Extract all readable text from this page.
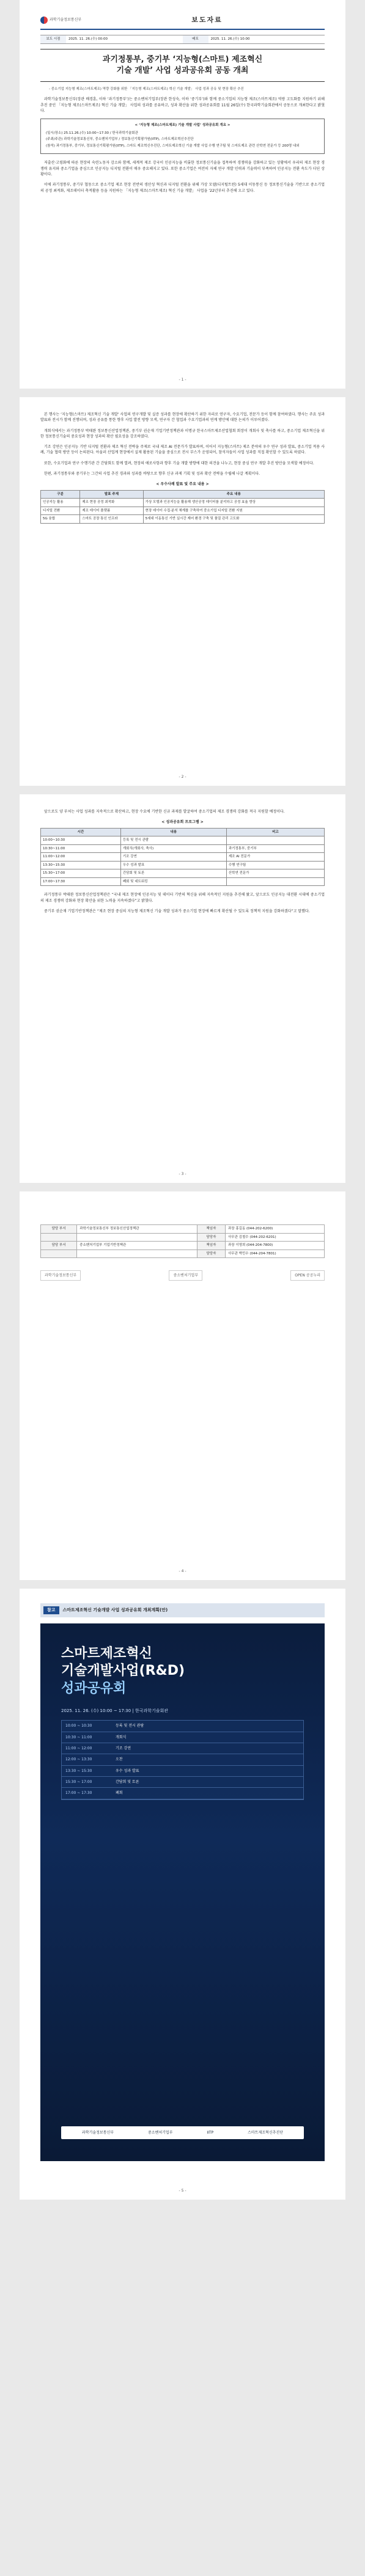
과학기술정보통신부	보도자료
보도 시점	2025. 11. 26.(수) 00:00	배포	2025. 11. 26.(수) 10:00
과기정통부, 중기부 ‘지능형(스마트) 제조혁신
기술 개발’ 사업 성과공유회 공동 개최
- 중소기업 지능형 제조(스마트제조) 역량 강화를 위한 「지능형 제조(스마트제조) 혁신 기술 개발」 사업 성과 공유 및 현장 확산 추진

과학기술정보통신부(장관 배경훈, 이하 ‘과기정통부’)는 중소벤처기업부(장관 한성숙, 이하 ‘중기부’)와 함께 중소기업의 지능형 제조(스마트제조) 역량 고도화를 지원하기 위해 추진 중인 「지능형 제조(스마트제조) 혁신 기술 개발」 사업의 성과를 공유하고, 성과 확산을 위한 성과공유회를 11월 26일(수) 한국과학기술회관에서 공동으로 개최한다고 밝혔다.

< ‘지능형 제조(스마트제조) 기술 개발 사업’ 성과공유회 개요 >
(일시/장소) 25.11.26.(수) 10:00~17:30 / 한국과학기술회관
(주최/주관) 과학기술정보통신부, 중소벤처기업부 / 정보통신기획평가원(IITP), 스마트제조혁신추진단
(참석) 과기정통부, 중기부, 정보통신기획평가원(IITP), 스마트 제조혁신추진단, 스마트제조혁신 기술 개발 사업 수행 연구팀 및 스마트제조 관련 산학연 전문가 등 200명 내외

저출산·고령화에 따른 현장의 숙련노동자 감소와 함께, 세계적 제조 강국이 인공지능을 비롯한 정보통신기술을 접목하여 경쟁력을 강화하고 있는 상황에서 우리의 제조 현장 경쟁력 유지와 중소기업을 중심으로 인공지능 디지털 전환이 매우 중요해지고 있다. 또한 중소기업은 여전히 자체 연구 개발 인력과 기술력이 부족하여 인공지능 전환 속도가 더딘 상황이다.

이에 과기정통부, 중기부 협동으로 중소기업 제조 현장 전반의 생산성 혁신과 디지털 전환을 위해 가상 모델(디지털트윈) 5세대 이동통신 등 정보통신기술을 기반으로 중소기업의 공정 최적화, 제조데이터 축적활용 등을 지원하는 「지능형 제조(스마트제조) 혁신 기술 개발」 사업을 ’22년부터 추진해 오고 있다.

- 1 -

본 행사는 ‘지능형(스마트) 제조혁신 기술 개발’ 사업의 연구개발 및 실증 성과를 현장에 확산하기 위한 자리로 연구자, 수요기업, 전문가 등이 함께 참여하였다. 행사는 주요 성과 발표와 전시가 함께 진행되며, 성과 공유를 통한 향후 사업 발전 방향 모색, 연구자 간 협업과 수요기업과의 연계 방안에 대한 논의가 이루어졌다.

개회식에서는 과기정통부 박태완 정보통신산업정책관, 중기부 권순재 기업기반정책관과 이명규 한국스마트제조산업협회 회장이 개회사 및 축사를 하고, 중소기업 제조혁신을 위한 정보통신기술의 중요성과 현장 성과의 확산 필요성을 강조하였다.

기조 강연은 인공지능 기반 디지털 전환과 제조 혁신 전략을 주제로 국내 제조 AI 전문가가 발표하며, 이어서 지능형(스마트) 제조 분야의 우수 연구 성과 발표, 중소기업 적용 사례, 기술 협력 방안 등이 논의된다. 아울러 산업계 현장에서 실제 활용된 기술을 중심으로 전시 부스가 운영되어, 참석자들이 사업 성과를 직접 확인할 수 있도록 하였다.

또한, 수요기업과 연구 수행기관 간 간담회도 함께 열려, 현장의 애로사항과 향후 기술 개발 방향에 대한 의견을 나누고, 현장 중심 연구 개발 추진 방안을 모색할 예정이다.

한편, 과기정통부와 중기부는 그간의 사업 추진 경과와 성과를 바탕으로 향후 신규 과제 기획 및 성과 확산 전략을 수립해 나갈 계획이다.

< 우수사례 발표 및 주요 내용 >
구분	발표 주제	주요 내용
인공지능 활용	제조 현장 공정 최적화	가상 모델과 인공지능을 활용해 생산공정 데이터를 분석하고 공정 효율 향상
디지털 전환	제조 데이터 플랫폼	현장 데이터 수집·분석 체계를 구축하여 중소기업 디지털 전환 지원
5G 융합	스마트 공장 통신 인프라	5세대 이동통신 기반 실시간 제어 환경 구축 및 품질 관리 고도화
- 2 -

앞으로도 양 부처는 사업 성과를 지속적으로 확산하고, 현장 수요에 기반한 신규 과제를 발굴하여 중소기업의 제조 경쟁력 강화를 적극 지원할 예정이다.

< 성과공유회 프로그램 >
시간	내용	비고
10:00~10:30	등록 및 전시 관람	
10:30~11:00	개회식(개회사, 축사)	과기정통부, 중기부
11:00~12:00	기조 강연	제조 AI 전문가
13:30~15:30	우수 성과 발표	수행 연구팀
15:30~17:00	간담회 및 토론	산학연 전문가
17:00~17:30	폐회 및 네트워킹	

과기정통부 박태완 정보통신산업정책관은 “국내 제조 현장에 인공지능 및 데이터 기반의 혁신을 위해 지속적인 지원을 추진해 왔고, 앞으로도 인공지능 대전환 시대에 중소기업의 제조 경쟁력 강화와 현장 확산을 위한 노력을 지속하겠다”고 밝혔다.

중기부 권순재 기업기반정책관은 “제조 현장 중심의 지능형 제조혁신 기술 개발 성과가 중소기업 현장에 빠르게 확산될 수 있도록 정책적 지원을 강화하겠다”고 말했다.

- 3 -
담당 부서	과학기술정보통신부 정보통신산업정책관	책임자	과장 홍길동 (044-202-6200)
		담당자	사무관 김철수 (044-202-6201)
담당 부서	중소벤처기업부 기업기반정책관	책임자	과장 이영희 (044-204-7800)
		담당자	사무관 박민수 (044-204-7801)
과학기술정보통신부	중소벤처기업부	OPEN 공공누리
- 4 -
참고	스마트제조혁신 기술개발 사업 성과공유회 개최계획(안)
스마트제조혁신
기술개발사업(R&D)
성과공유회
2025. 11. 26. (수) 10:00 ~ 17:30 | 한국과학기술회관
10:00 ~ 10:30	등록 및 전시 관람
10:30 ~ 11:00	개회식
11:00 ~ 12:00	기조 강연
12:00 ~ 13:30	오찬
13:30 ~ 15:30	우수 성과 발표
15:30 ~ 17:00	간담회 및 토론
17:00 ~ 17:30	폐회
과학기술정보통신부	중소벤처기업부	IITP	스마트제조혁신추진단
- 5 -
